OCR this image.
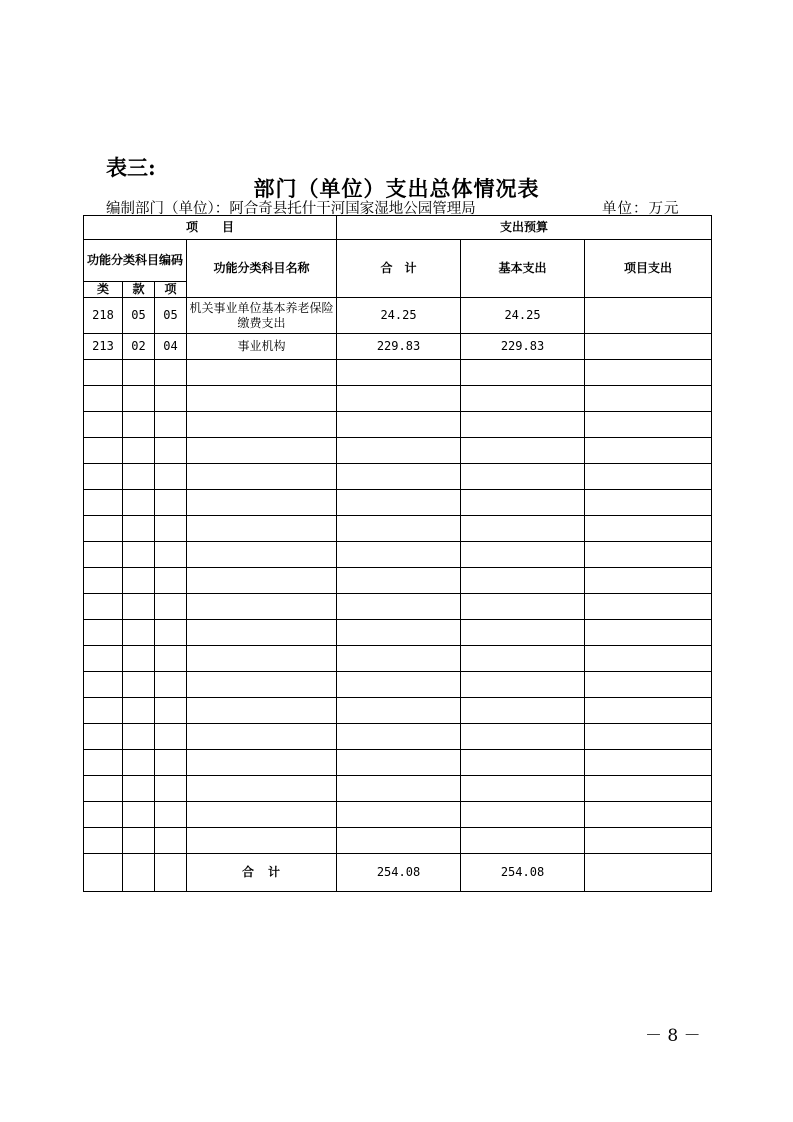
表三:
部门（单位）支出总体情况表
编制部门（单位）：阿合奇县托什干河国家湿地公园管理局	单位：万元
项　　目				支出预算		
功能分类科目编码			功能分类科目名称	合　计	基本支出	项目支出
类	款	项				
218	05	05	机关事业单位基本养老保险缴费支出	24.25	24.25	
213	02	04	事业机构	229.83	229.83	

			合　计	254.08	254.08	
－ 8 －
